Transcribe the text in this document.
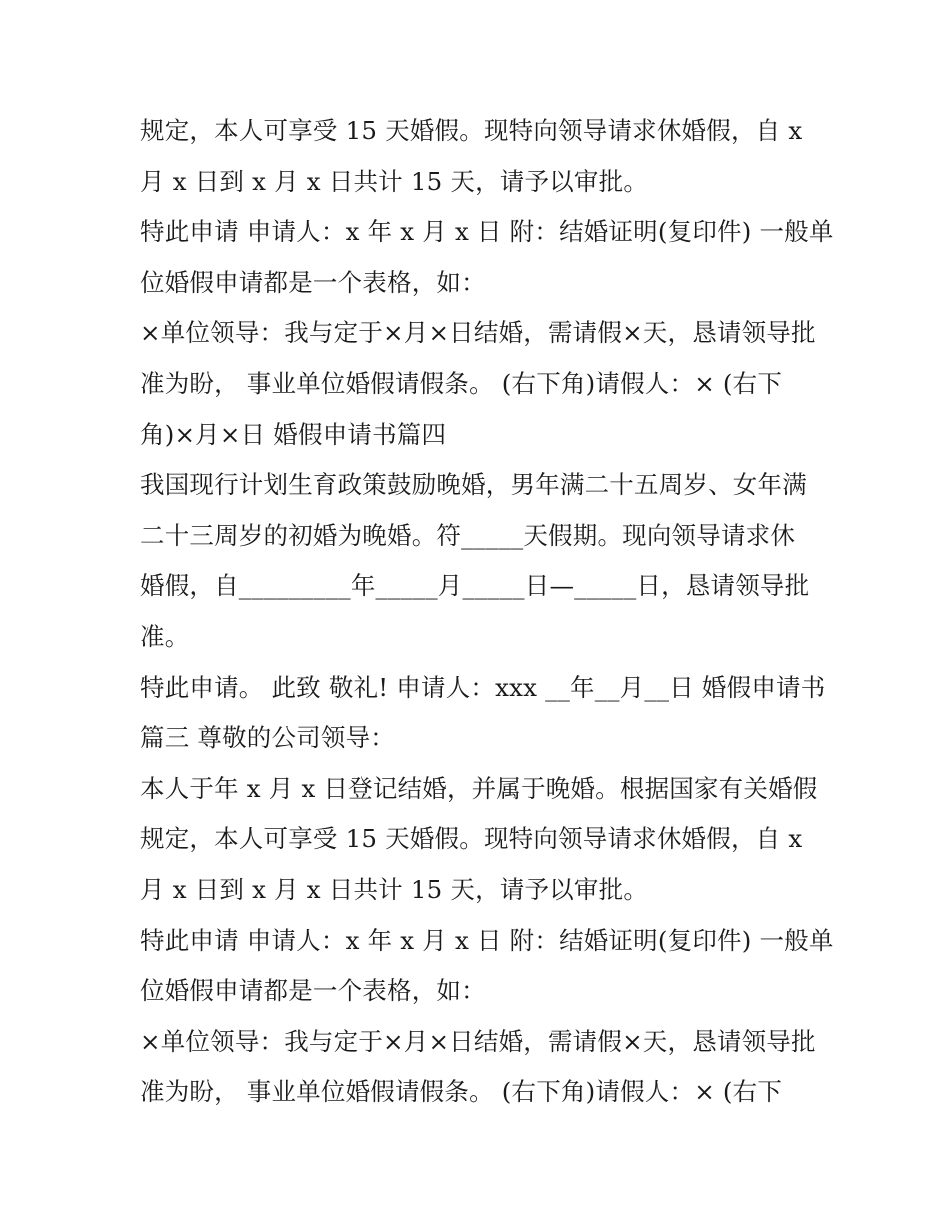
规定，本人可享受 15 天婚假。现特向领导请求休婚假，自 x
月 x 日到 x 月 x 日共计 15 天，请予以审批。
特此申请 申请人：x 年 x 月 x 日 附：结婚证明(复印件) 一般单
位婚假申请都是一个表格，如：
×单位领导：我与定于×月×日结婚，需请假×天，恳请领导批
准为盼， 事业单位婚假请假条。 (右下角)请假人：× (右下
角)×月×日 婚假申请书篇四
我国现行计划生育政策鼓励晚婚，男年满二十五周岁、女年满
二十三周岁的初婚为晚婚。符_____天假期。现向领导请求休
婚假，自_________年_____月_____日—_____日，恳请领导批
准。
特此申请。 此致 敬礼! 申请人：xxx __年__月__日 婚假申请书
篇三 尊敬的公司领导：
本人于年 x 月 x 日登记结婚，并属于晚婚。根据国家有关婚假
规定，本人可享受 15 天婚假。现特向领导请求休婚假，自 x
月 x 日到 x 月 x 日共计 15 天，请予以审批。
特此申请 申请人：x 年 x 月 x 日 附：结婚证明(复印件) 一般单
位婚假申请都是一个表格，如：
×单位领导：我与定于×月×日结婚，需请假×天，恳请领导批
准为盼， 事业单位婚假请假条。 (右下角)请假人：× (右下
